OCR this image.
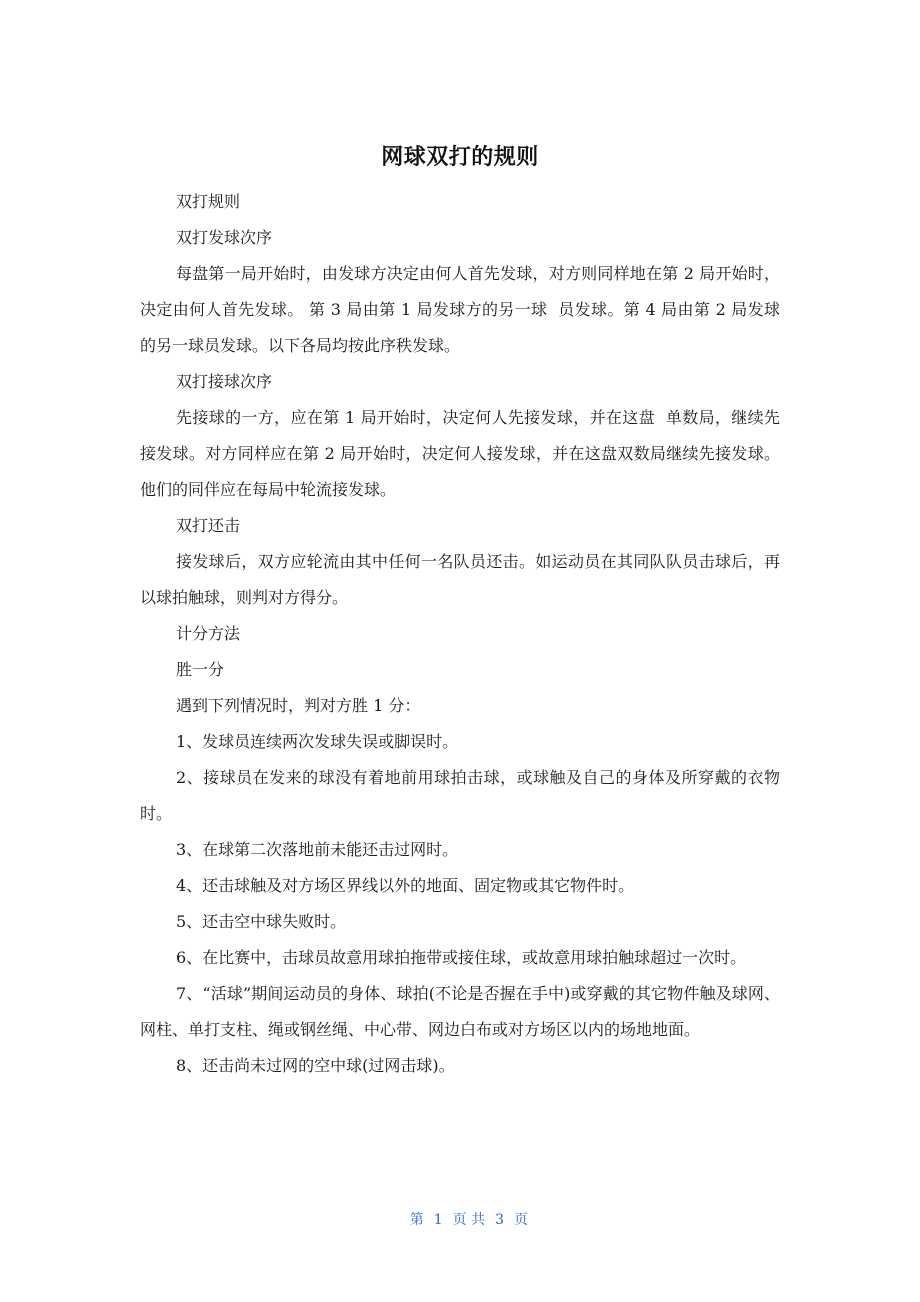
网球双打的规则

双打规则

双打发球次序

每盘第一局开始时，由发球方决定由何人首先发球，对方则同样地在第 2 局开始时，决定由何人首先发球。 第 3 局由第 1 局发球方的另一球  员发球。第 4 局由第 2 局发球的另一球员发球。以下各局均按此序秩发球。

双打接球次序

先接球的一方，应在第 1 局开始时，决定何人先接发球，并在这盘  单数局，继续先接发球。对方同样应在第 2 局开始时，决定何人接发球，并在这盘双数局继续先接发球。他们的同伴应在每局中轮流接发球。

双打还击

接发球后，双方应轮流由其中任何一名队员还击。如运动员在其同队队员击球后，再以球拍触球，则判对方得分。

计分方法

胜一分

遇到下列情况时，判对方胜 1 分：

1、发球员连续两次发球失误或脚误时。

2、接球员在发来的球没有着地前用球拍击球，或球触及自己的身体及所穿戴的衣物时。

3、在球第二次落地前未能还击过网时。

4、还击球触及对方场区界线以外的地面、固定物或其它物件时。

5、还击空中球失败时。

6、在比赛中，击球员故意用球拍拖带或接住球，或故意用球拍触球超过一次时。

7、“活球”期间运动员的身体、球拍(不论是否握在手中)或穿戴的其它物件触及球网、网柱、单打支柱、绳或钢丝绳、中心带、网边白布或对方场区以内的场地地面。

8、还击尚未过网的空中球(过网击球)。

第 1 页 共 3 页
